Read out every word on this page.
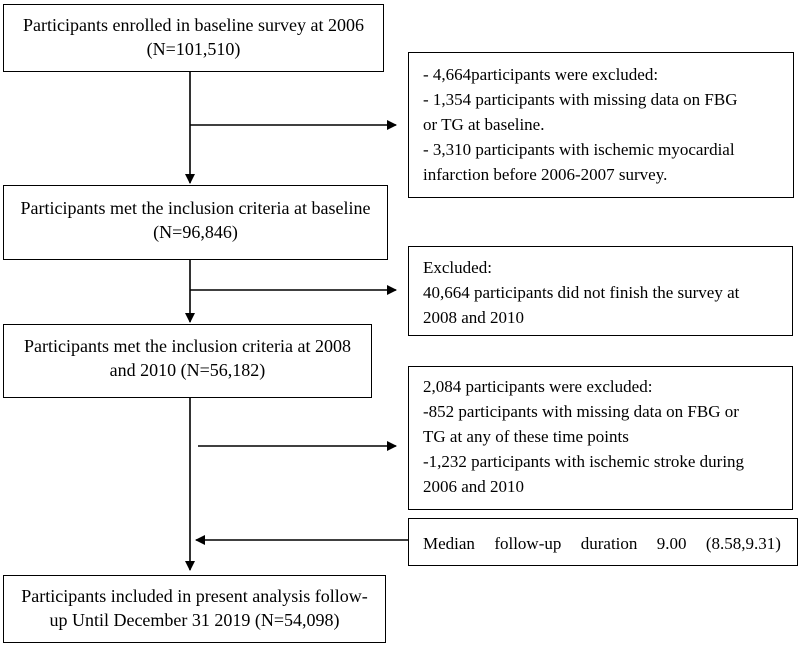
Participants enrolled in baseline survey at 2006
(N=101,510)
- 4,664participants were excluded:
- 1,354 participants with missing data on FBG
or TG at baseline.
- 3,310 participants with ischemic myocardial
infarction before 2006-2007 survey.
Participants met the inclusion criteria at baseline
(N=96,846)
Excluded:
40,664 participants did not finish the survey at
2008 and 2010
Participants met the inclusion criteria at 2008
and 2010 (N=56,182)
2,084 participants were excluded:
-852 participants with missing data on FBG or
TG at any of these time points
-1,232 participants with ischemic stroke during
2006 and 2010
Median follow-up duration 9.00 (8.58,9.31)
Participants included in present analysis follow-
up Until December 31 2019 (N=54,098)
